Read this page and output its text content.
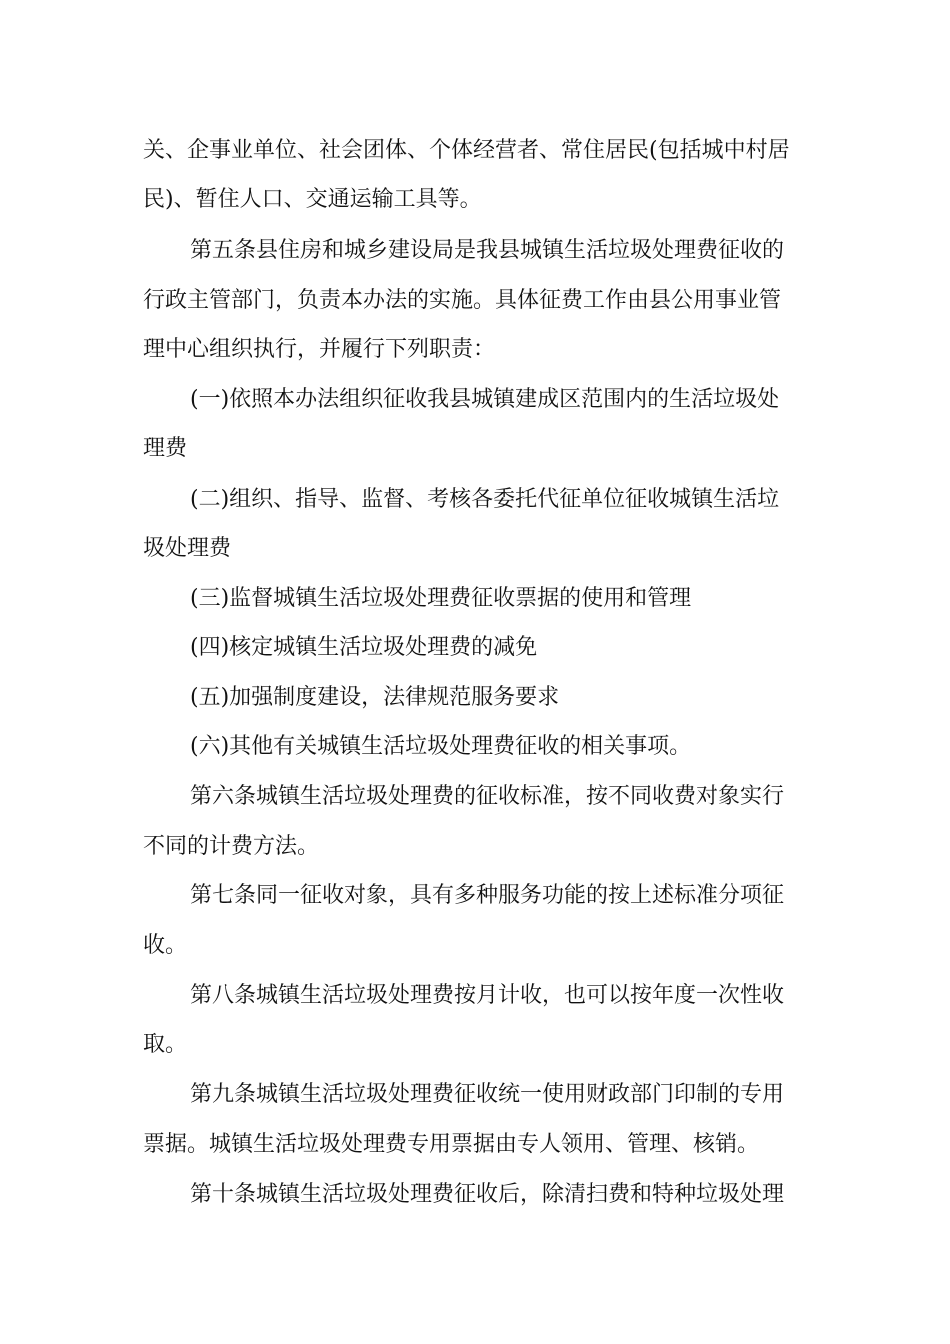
关、企事业单位、社会团体、个体经营者、常住居民(包括城中村居
民)、暂住人口、交通运输工具等。
第五条县住房和城乡建设局是我县城镇生活垃圾处理费征收的
行政主管部门，负责本办法的实施。具体征费工作由县公用事业管
理中心组织执行，并履行下列职责：
(一)依照本办法组织征收我县城镇建成区范围内的生活垃圾处
理费
(二)组织、指导、监督、考核各委托代征单位征收城镇生活垃
圾处理费
(三)监督城镇生活垃圾处理费征收票据的使用和管理
(四)核定城镇生活垃圾处理费的减免
(五)加强制度建设，法律规范服务要求
(六)其他有关城镇生活垃圾处理费征收的相关事项。
第六条城镇生活垃圾处理费的征收标准，按不同收费对象实行
不同的计费方法。
第七条同一征收对象，具有多种服务功能的按上述标准分项征
收。
第八条城镇生活垃圾处理费按月计收，也可以按年度一次性收
取。
第九条城镇生活垃圾处理费征收统一使用财政部门印制的专用
票据。城镇生活垃圾处理费专用票据由专人领用、管理、核销。
第十条城镇生活垃圾处理费征收后，除清扫费和特种垃圾处理
